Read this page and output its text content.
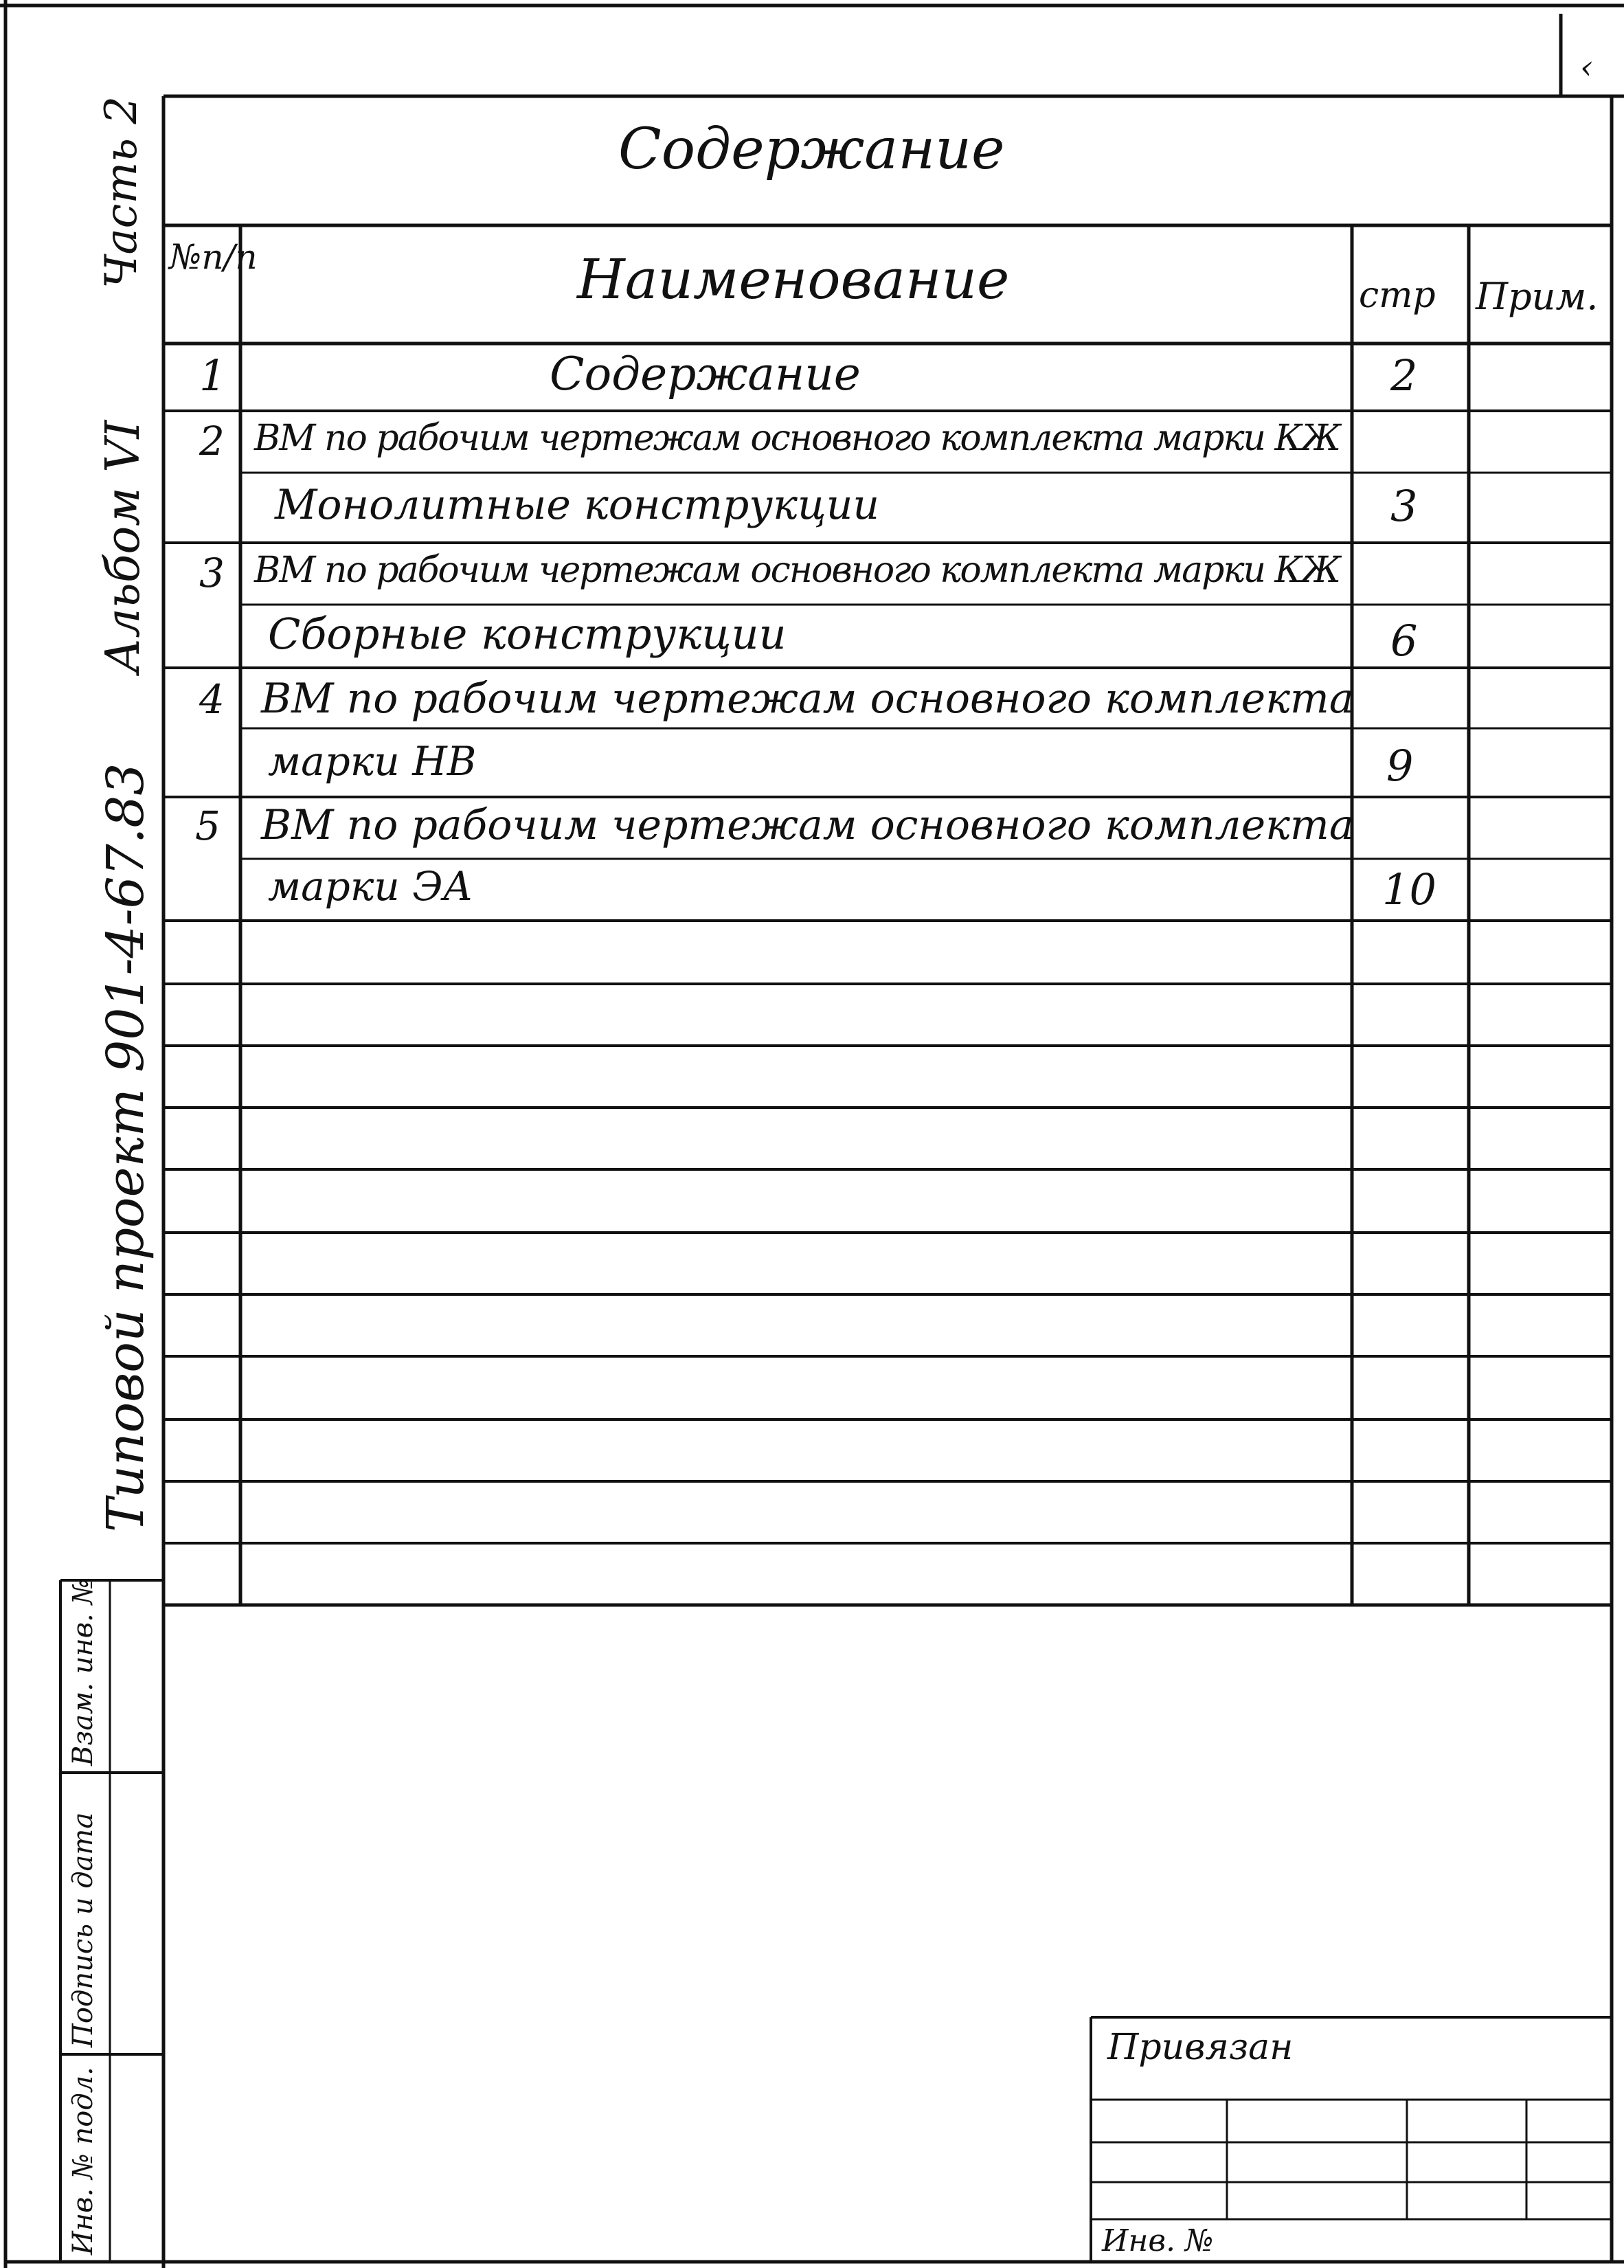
‹
Содержание
Часть 2
Альбом VI
Типовой проект 901-4-67.83
Взам. инв. №
Подпись и дата
Инв. № подл.
№п/п	Наименование	стр Прим.
1	Содержание	2
2 ВМ по рабочим чертежам основного комплекта марки КЖ
Монолитные конструкции	3
3 ВМ по рабочим чертежам основного комплекта марки КЖ
Сборные конструкции	6
4 ВМ по рабочим чертежам основного комплекта
марки НВ	9
5 ВМ по рабочим чертежам основного комплекта
марки ЭА	10
Привязан
Инв. №
